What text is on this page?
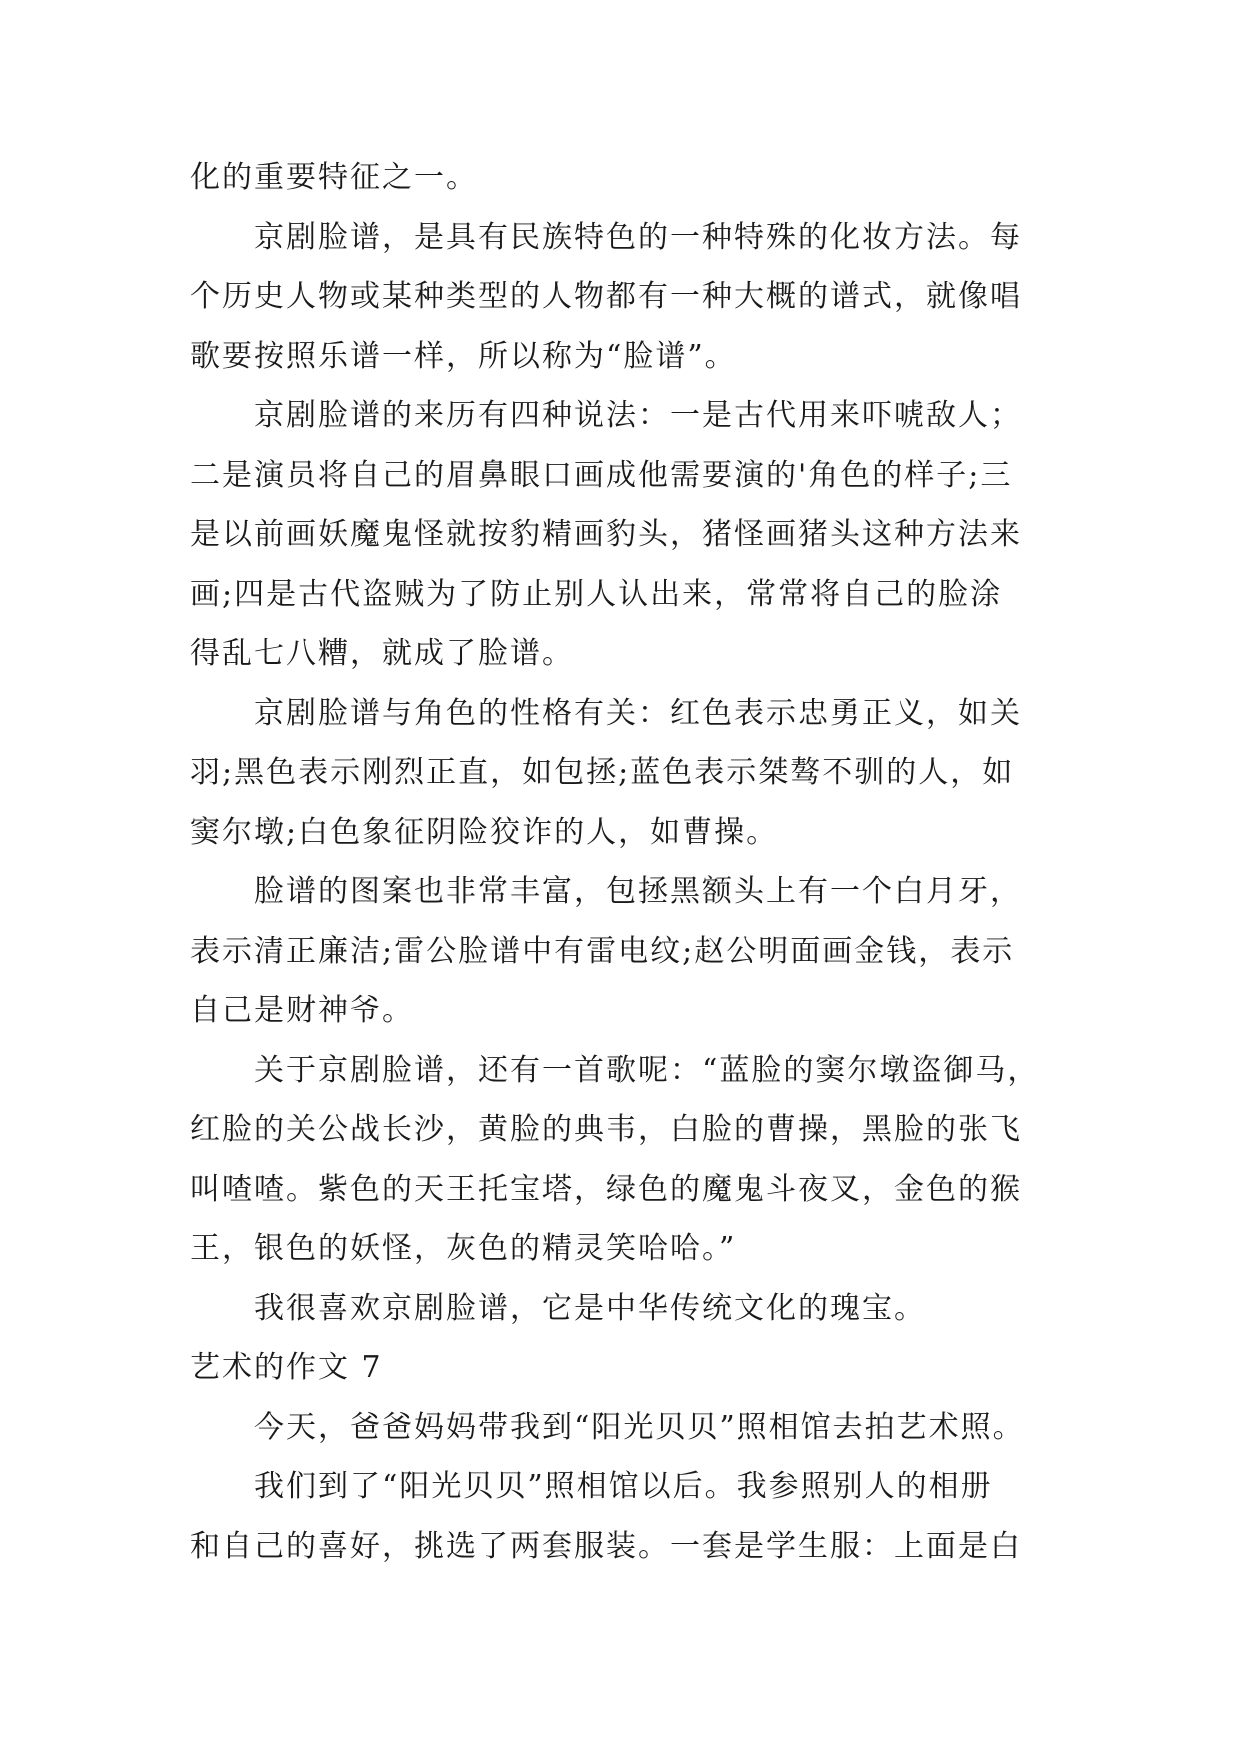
化的重要特征之一。
京剧脸谱，是具有民族特色的一种特殊的化妆方法。每
个历史人物或某种类型的人物都有一种大概的谱式，就像唱
歌要按照乐谱一样，所以称为“脸谱”。
京剧脸谱的来历有四种说法：一是古代用来吓唬敌人；
二是演员将自己的眉鼻眼口画成他需要演的'角色的样子;三
是以前画妖魔鬼怪就按豹精画豹头，猪怪画猪头这种方法来
画;四是古代盗贼为了防止别人认出来，常常将自己的脸涂
得乱七八糟，就成了脸谱。
京剧脸谱与角色的性格有关：红色表示忠勇正义，如关
羽;黑色表示刚烈正直，如包拯;蓝色表示桀骜不驯的人，如
窦尔墩;白色象征阴险狡诈的人，如曹操。
脸谱的图案也非常丰富，包拯黑额头上有一个白月牙，
表示清正廉洁;雷公脸谱中有雷电纹;赵公明面画金钱，表示
自己是财神爷。
关于京剧脸谱，还有一首歌呢：“蓝脸的窦尔墩盗御马，
红脸的关公战长沙，黄脸的典韦，白脸的曹操，黑脸的张飞
叫喳喳。紫色的天王托宝塔，绿色的魔鬼斗夜叉，金色的猴
王，银色的妖怪，灰色的精灵笑哈哈。”
我很喜欢京剧脸谱，它是中华传统文化的瑰宝。
艺术的作文 7
今天，爸爸妈妈带我到“阳光贝贝”照相馆去拍艺术照。
我们到了“阳光贝贝”照相馆以后。我参照别人的相册
和自己的喜好，挑选了两套服装。一套是学生服：上面是白
